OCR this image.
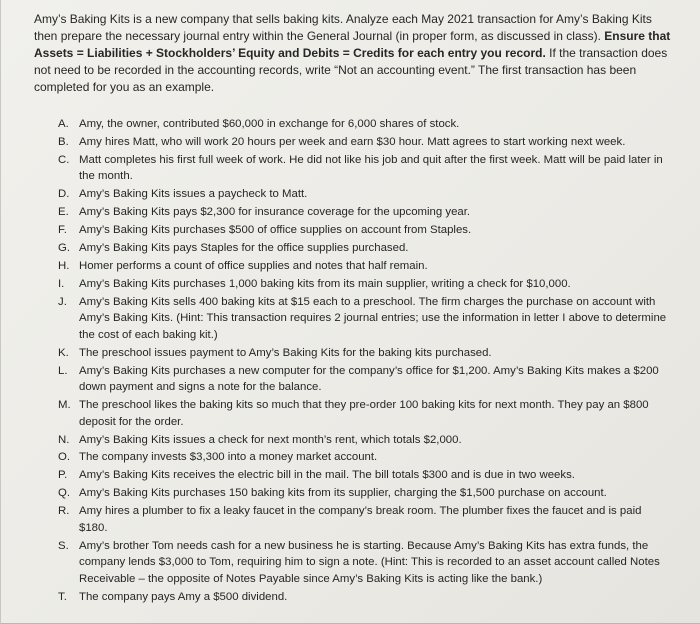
Amy’s Baking Kits is a new company that sells baking kits. Analyze each May 2021 transaction for Amy’s Baking Kits then prepare the necessary journal entry within the General Journal (in proper form, as discussed in class). Ensure that Assets = Liabilities + Stockholders’ Equity and Debits = Credits for each entry you record. If the transaction does not need to be recorded in the accounting records, write “Not an accounting event.” The first transaction has been completed for you as an example.

A. Amy, the owner, contributed $60,000 in exchange for 6,000 shares of stock.
B. Amy hires Matt, who will work 20 hours per week and earn $30 hour. Matt agrees to start working next week.
C. Matt completes his first full week of work. He did not like his job and quit after the first week. Matt will be paid later in the month.
D. Amy’s Baking Kits issues a paycheck to Matt.
E. Amy’s Baking Kits pays $2,300 for insurance coverage for the upcoming year.
F.	Amy’s Baking Kits purchases $500 of office supplies on account from Staples.
G. Amy’s Baking Kits pays Staples for the office supplies purchased.
H. Homer performs a count of office supplies and notes that half remain.
I.	Amy’s Baking Kits purchases 1,000 baking kits from its main supplier, writing a check for $10,000.
J.	Amy’s Baking Kits sells 400 baking kits at $15 each to a preschool. The firm charges the purchase on account with Amy’s Baking Kits. (Hint: This transaction requires 2 journal entries; use the information in letter I above to determine the cost of each baking kit.)
K. The preschool issues payment to Amy’s Baking Kits for the baking kits purchased.
L.	Amy’s Baking Kits purchases a new computer for the company’s office for $1,200. Amy’s Baking Kits makes a $200 down payment and signs a note for the balance.
M. The preschool likes the baking kits so much that they pre-order 100 baking kits for next month. They pay an $800 deposit for the order.
N. Amy’s Baking Kits issues a check for next month’s rent, which totals $2,000.
O. The company invests $3,300 into a money market account.
P.	Amy’s Baking Kits receives the electric bill in the mail. The bill totals $300 and is due in two weeks.
Q. Amy’s Baking Kits purchases 150 baking kits from its supplier, charging the $1,500 purchase on account.
R. Amy hires a plumber to fix a leaky faucet in the company’s break room. The plumber fixes the faucet and is paid $180.
S. Amy’s brother Tom needs cash for a new business he is starting. Because Amy’s Baking Kits has extra funds, the company lends $3,000 to Tom, requiring him to sign a note. (Hint: This is recorded to an asset account called Notes Receivable – the opposite of Notes Payable since Amy’s Baking Kits is acting like the bank.)
T.	The company pays Amy a $500 dividend.
